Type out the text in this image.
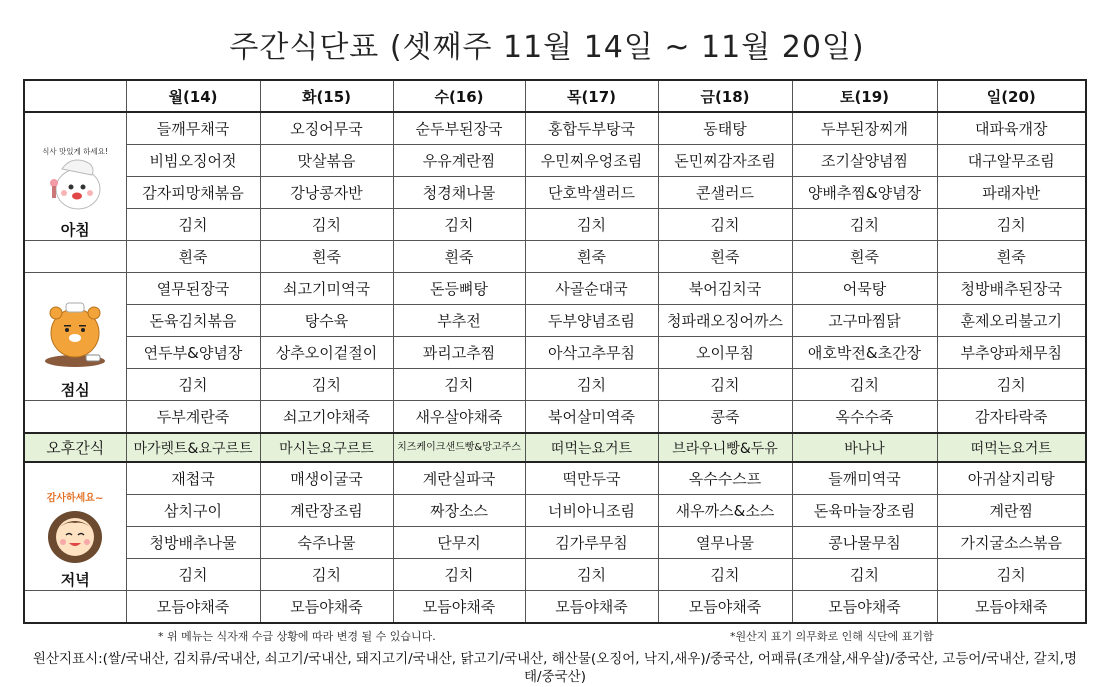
주간식단표 (셋째주 11월 14일 ~ 11월 20일)
	월(14)	화(15)	수(16)	목(17)	금(18)	토(19)	일(20)

식사 맛있게 하세요!
아침	들깨무채국	오징어무국	순두부된장국	홍합두부탕국	동태탕	두부된장찌개	대파육개장
	비빔오징어젓	맛살볶음	우유계란찜	우민찌우엉조림	돈민찌감자조림	조기살양념찜	대구알무조림
	감자피망채볶음	강낭콩자반	청경채나물	단호박샐러드	콘샐러드	양배추찜&양념장	파래자반
	김치	김치	김치	김치	김치	김치	김치
	흰죽	흰죽	흰죽	흰죽	흰죽	흰죽	흰죽

점심	열무된장국	쇠고기미역국	돈등뼈탕	사골순대국	북어김치국	어묵탕	청방배추된장국
	돈육김치볶음	탕수육	부추전	두부양념조림	청파래오징어까스	고구마찜닭	훈제오리불고기
	연두부&양념장	상추오이겉절이	꽈리고추찜	아삭고추무침	오이무침	애호박전&초간장	부추양파채무침
	김치	김치	김치	김치	김치	김치	김치
	두부계란죽	쇠고기야채죽	새우살야채죽	북어살미역죽	콩죽	옥수수죽	감자타락죽
오후간식	마가렛트&요구르트	마시는요구르트	치즈케이크샌드빵&망고주스	떠먹는요거트	브라우니빵&두유	바나나	떠먹는요거트

감사하세요~
저녁	재첩국	매생이굴국	계란실파국	떡만두국	옥수수스프	들깨미역국	아귀살지리탕
	삼치구이	계란장조림	짜장소스	너비아니조림	새우까스&소스	돈육마늘장조림	계란찜
	청방배추나물	숙주나물	단무지	김가루무침	열무나물	콩나물무침	가지굴소스볶음
	김치	김치	김치	김치	김치	김치	김치
	모듬야채죽	모듬야채죽	모듬야채죽	모듬야채죽	모듬야채죽	모듬야채죽	모듬야채죽
* 위 메뉴는 식자재 수급 상황에 따라 변경 될 수 있습니다.	*원산지 표기 의무화로 인해 식단에 표기함
원산지표시:(쌀/국내산, 김치류/국내산, 쇠고기/국내산, 돼지고기/국내산, 닭고기/국내산, 해산물(오징어, 낙지,새우)/중국산, 어패류(조개살,새우살)/중국산, 고등어/국내산, 갈치,명태/중국산)
